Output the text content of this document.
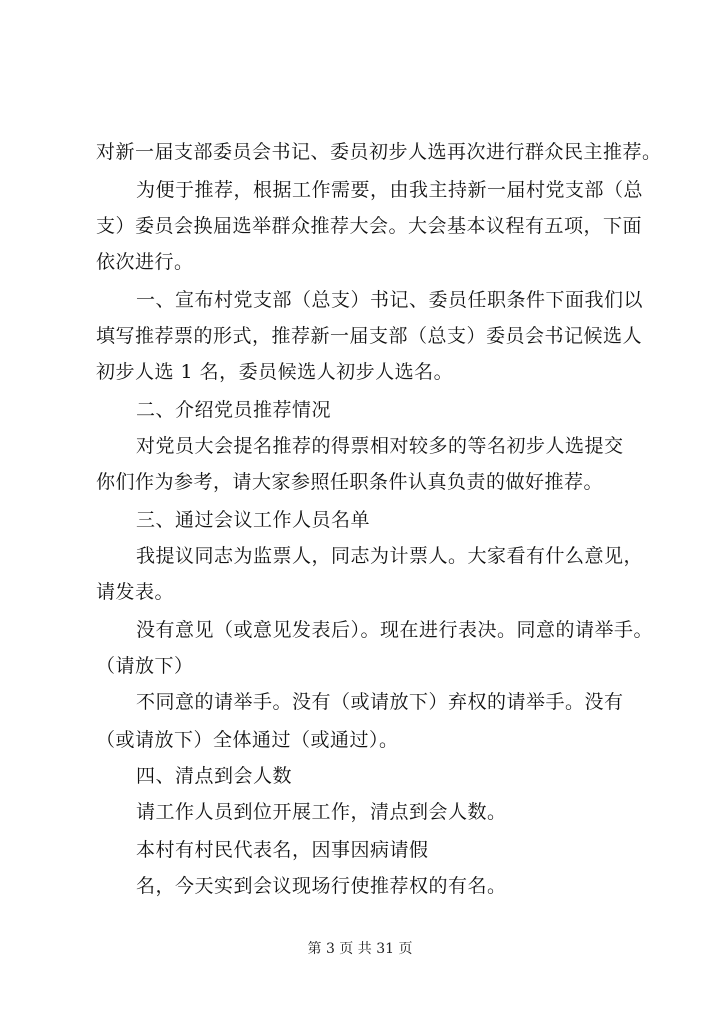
对新一届支部委员会书记、委员初步人选再次进行群众民主推荐。
为便于推荐，根据工作需要，由我主持新一届村党支部（总
支）委员会换届选举群众推荐大会。大会基本议程有五项，下面
依次进行。
一、宣布村党支部（总支）书记、委员任职条件下面我们以
填写推荐票的形式，推荐新一届支部（总支）委员会书记候选人
初步人选 1 名，委员候选人初步人选名。
二、介绍党员推荐情况
对党员大会提名推荐的得票相对较多的等名初步人选提交
你们作为参考，请大家参照任职条件认真负责的做好推荐。
三、通过会议工作人员名单
我提议同志为监票人，同志为计票人。大家看有什么意见，
请发表。
没有意见（或意见发表后）。现在进行表决。同意的请举手。
（请放下）
不同意的请举手。没有（或请放下）弃权的请举手。没有
（或请放下）全体通过（或通过）。
四、清点到会人数
请工作人员到位开展工作，清点到会人数。
本村有村民代表名，因事因病请假
名，今天实到会议现场行使推荐权的有名。
第 3 页 共 31 页
